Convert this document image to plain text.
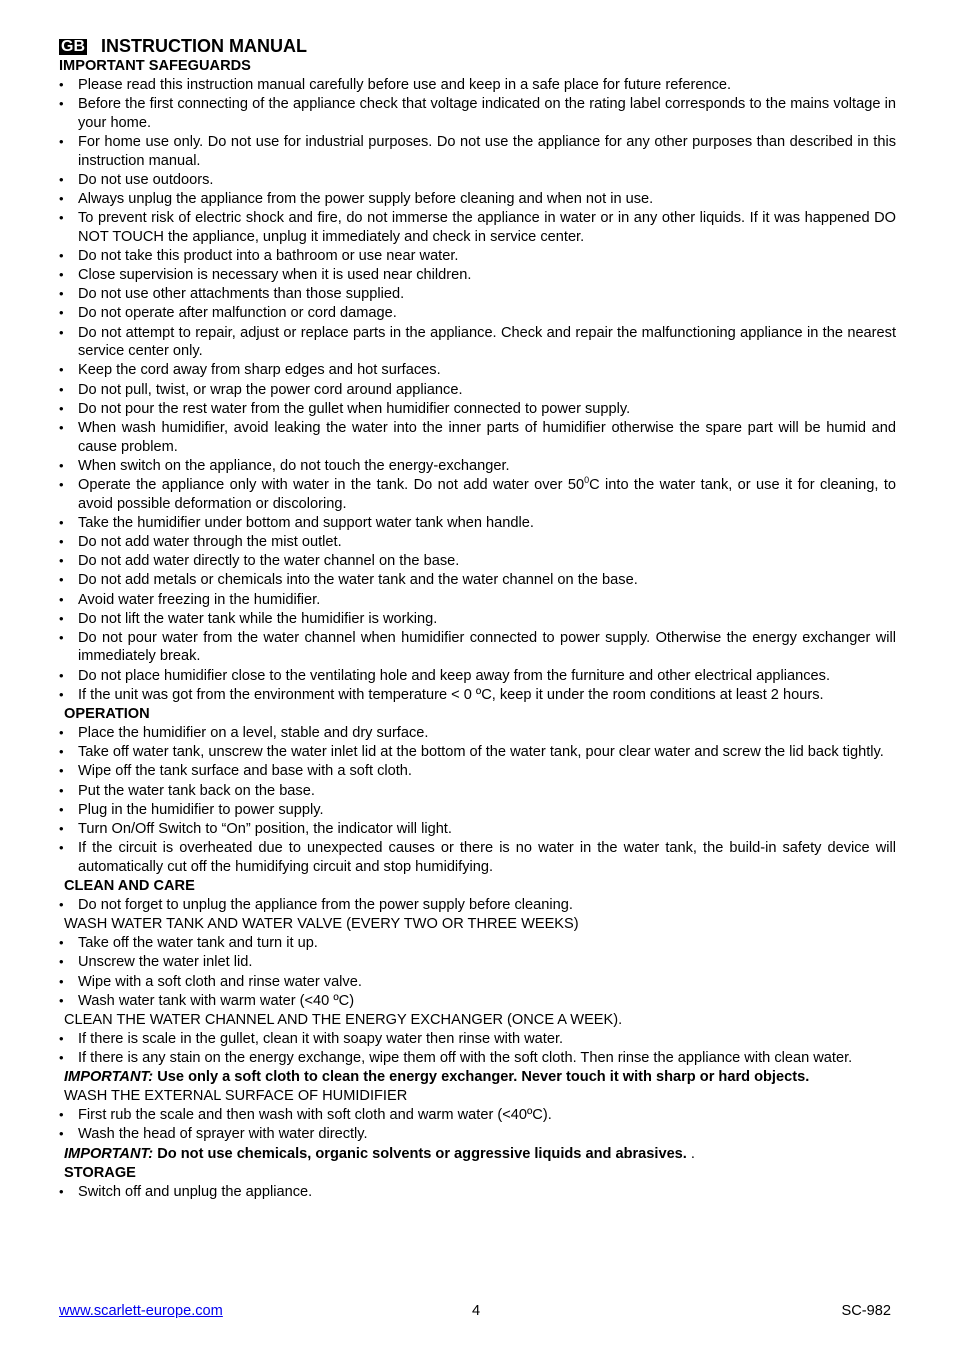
GB INSTRUCTION MANUAL
IMPORTANT SAFEGUARDS
• Please read this instruction manual carefully before use and keep in a safe place for future reference.
• Before the first connecting of the appliance check that voltage indicated on the rating label corresponds to the mains voltage in your home.
• For home use only. Do not use for industrial purposes. Do not use the appliance for any other purposes than described in this instruction manual.
• Do not use outdoors.
• Always unplug the appliance from the power supply before cleaning and when not in use.
• To prevent risk of electric shock and fire, do not immerse the appliance in water or in any other liquids. If it was happened DO NOT TOUCH the appliance, unplug it immediately and check in service center.
• Do not take this product into a bathroom or use near water.
• Close supervision is necessary when it is used near children.
• Do not use other attachments than those supplied.
• Do not operate after malfunction or cord damage.
• Do not attempt to repair, adjust or replace parts in the appliance. Check and repair the malfunctioning appliance in the nearest service center only.
• Keep the cord away from sharp edges and hot surfaces.
• Do not pull, twist, or wrap the power cord around appliance.
• Do not pour the rest water from the gullet when humidifier connected to power supply.
• When wash humidifier, avoid leaking the water into the inner parts of humidifier otherwise the spare part will be humid and cause problem.
• When switch on the appliance, do not touch the energy-exchanger.
• Operate the appliance only with water in the tank. Do not add water over $50^0C$ into the water tank, or use it for cleaning, to avoid possible deformation or discoloring.
• Take the humidifier under bottom and support water tank when handle.
• Do not add water through the mist outlet.
• Do not add water directly to the water channel on the base.
• Do not add metals or chemicals into the water tank and the water channel on the base.
• Avoid water freezing in the humidifier.
• Do not lift the water tank while the humidifier is working.
• Do not pour water from the water channel when humidifier connected to power supply. Otherwise the energy exchanger will immediately break.
• Do not place humidifier close to the ventilating hole and keep away from the furniture and other electrical appliances.
• If the unit was got from the environment with temperature < 0 ºC, keep it under the room conditions at least 2 hours.
OPERATION
• Place the humidifier on a level, stable and dry surface.
• Take off water tank, unscrew the water inlet lid at the bottom of the water tank, pour clear water and screw the lid back tightly.
• Wipe off the tank surface and base with a soft cloth.
• Put the water tank back on the base.
• Plug in the humidifier to power supply.
• Turn On/Off Switch to “On” position, the indicator will light.
• If the circuit is overheated due to unexpected causes or there is no water in the water tank, the build-in safety device will automatically cut off the humidifying circuit and stop humidifying.
CLEAN AND CARE
• Do not forget to unplug the appliance from the power supply before cleaning.
WASH WATER TANK AND WATER VALVE (EVERY TWO OR THREE WEEKS)
• Take off the water tank and turn it up.
• Unscrew the water inlet lid.
• Wipe with a soft cloth and rinse water valve.
• Wash water tank with warm water (<40 ºC)
CLEAN THE WATER CHANNEL AND THE ENERGY EXCHANGER (ONCE A WEEK).
• If there is scale in the gullet, clean it with soapy water then rinse with water.
• If there is any stain on the energy exchange, wipe them off with the soft cloth. Then rinse the appliance with clean water.
IMPORTANT: Use only a soft cloth to clean the energy exchanger. Never touch it with sharp or hard objects.
WASH THE EXTERNAL SURFACE OF HUMIDIFIER
• First rub the scale and then wash with soft cloth and warm water (<40ºC).
• Wash the head of sprayer with water directly.
IMPORTANT: Do not use chemicals, organic solvents or aggressive liquids and abrasives. .
STORAGE
• Switch off and unplug the appliance.
www.scarlett-europe.com	4	SC-982
